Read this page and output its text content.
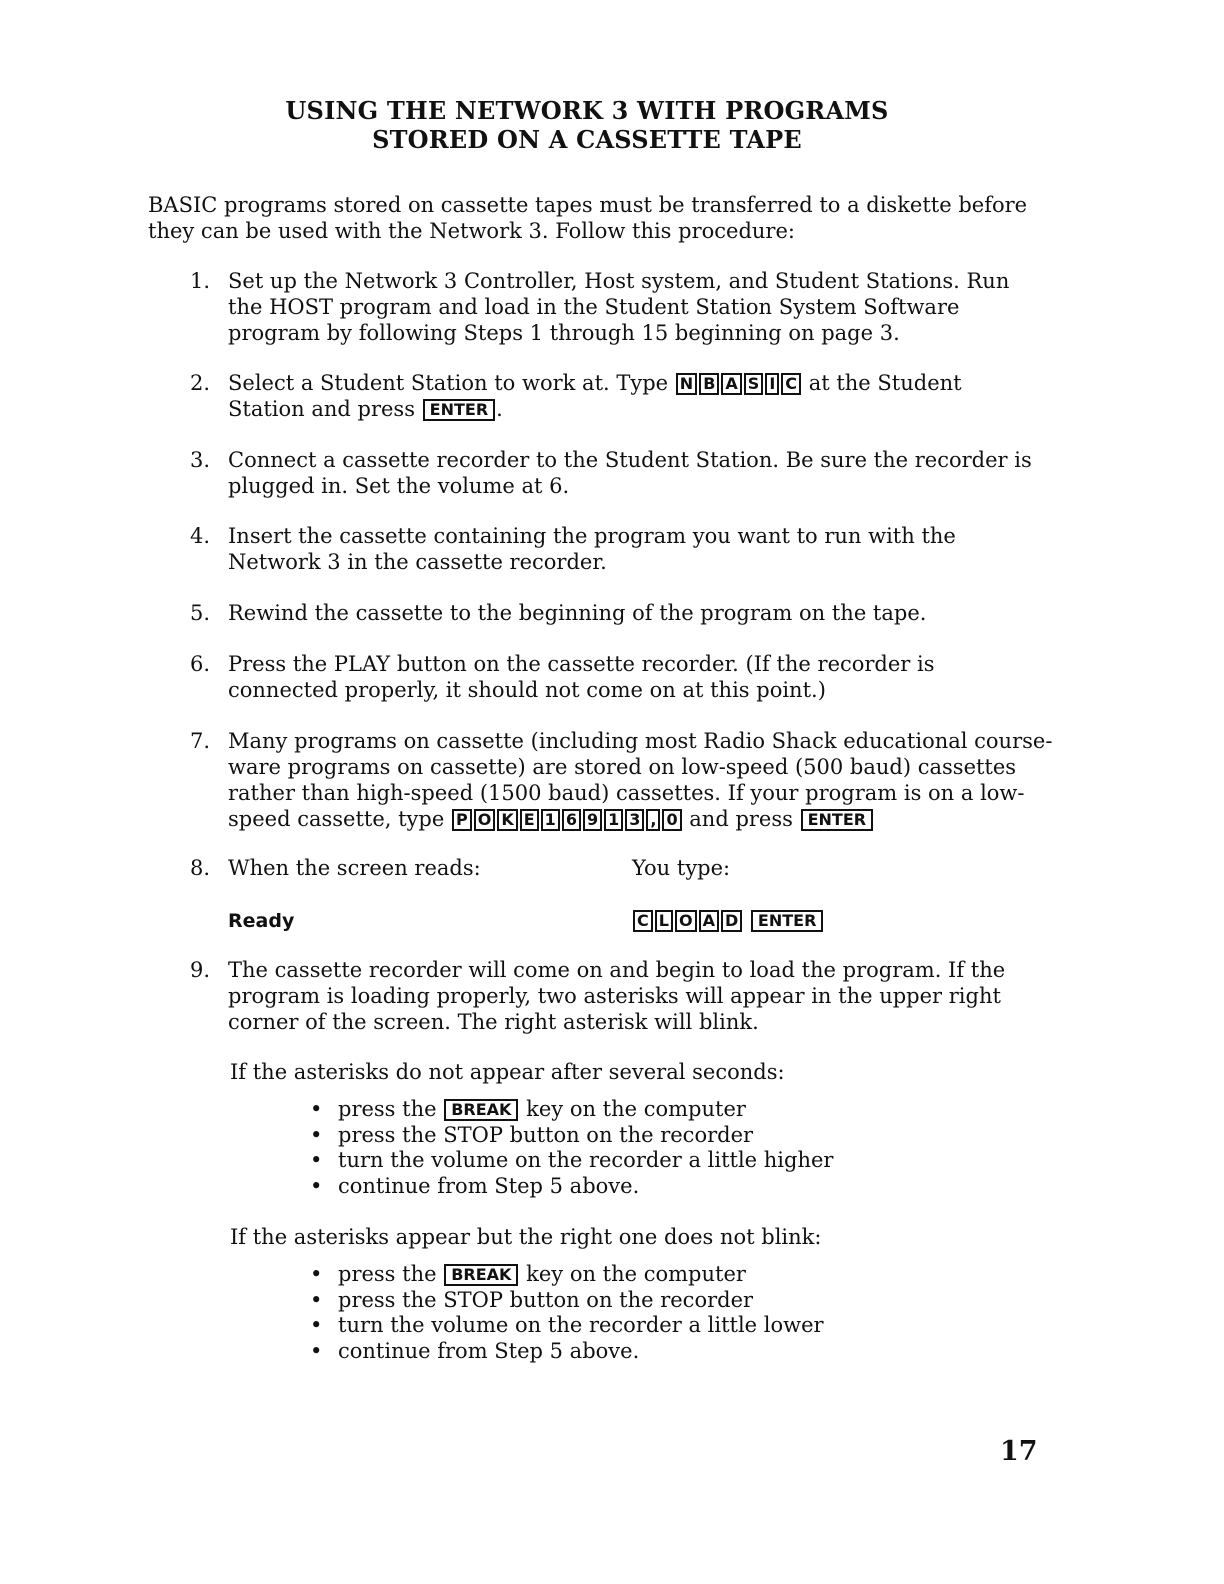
USING THE NETWORK 3 WITH PROGRAMS
STORED ON A CASSETTE TAPE
BASIC programs stored on cassette tapes must be transferred to a diskette before
they can be used with the Network 3. Follow this procedure:
1. Set up the Network 3 Controller, Host system, and Student Stations. Run
the HOST program and load in the Student Station System Software
program by following Steps 1 through 15 beginning on page 3.
2. Select a Student Station to work at. Type N B A S I C at the Student
Station and press ENTER .
3. Connect a cassette recorder to the Student Station. Be sure the recorder is
plugged in. Set the volume at 6.
4. Insert the cassette containing the program you want to run with the
Network 3 in the cassette recorder.
5. Rewind the cassette to the beginning of the program on the tape.
6. Press the PLAY button on the cassette recorder. (If the recorder is
connected properly, it should not come on at this point.)
7. Many programs on cassette (including most Radio Shack educational course-
ware programs on cassette) are stored on low-speed (500 baud) cassettes
rather than high-speed (1500 baud) cassettes. If your program is on a low-
speed cassette, type P O K E 1 6 9 1 3 , 0 and press ENTER
8. When the screen reads:	You type:
Ready	C L O A D ENTER
9. The cassette recorder will come on and begin to load the program. If the
program is loading properly, two asterisks will appear in the upper right
corner of the screen. The right asterisk will blink.
If the asterisks do not appear after several seconds:
• press the BREAK key on the computer
• press the STOP button on the recorder
• turn the volume on the recorder a little higher
• continue from Step 5 above.
If the asterisks appear but the right one does not blink:
• press the BREAK key on the computer
• press the STOP button on the recorder
• turn the volume on the recorder a little lower
• continue from Step 5 above.
17
